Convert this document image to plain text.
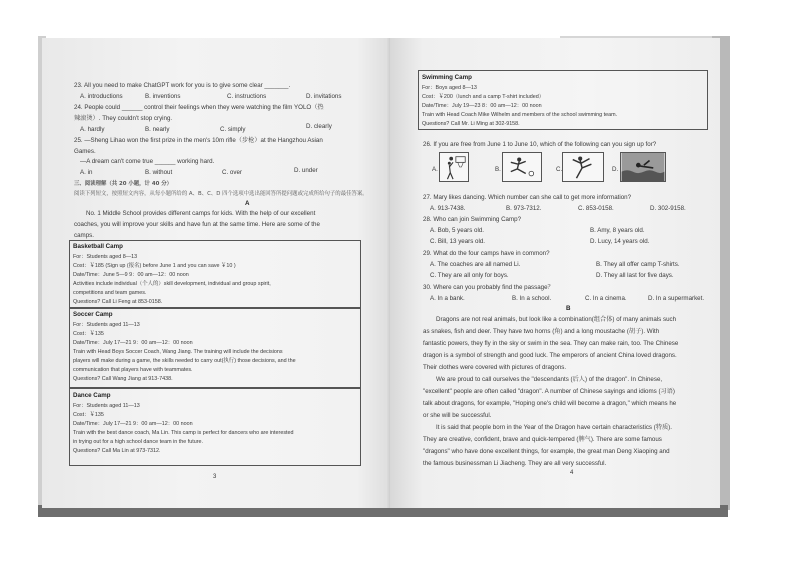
23. All you need to make ChatGPT work for you is to give some clear _______.
A. introductions	B. inventions	C. instructions	D. invitations
24. People could ______ control their feelings when they were watching the film YOLO（热
辣滚烫）. They couldn't stop crying.
A. hardly	B. nearly	C. simply	D. clearly
25. —Sheng Lihao won the first prize in the men's 10m rifle（步枪）at the Hangzhou Asian
Games.
—A dream can't come true ______ working hard.
A. in	B. without	C. over	D. under
三、阅读理解（共 20 小题，计 40 分）
阅读下列短文，按照短文内容，从每小题所给的 A、B、C、D 四个选项中选出能回答所提问题或完成所给句子的最佳答案。
A
No. 1 Middle School provides different camps for kids. With the help of our excellent
coaches, you will improve your skills and have fun at the same time. Here are some of the
camps.
Basketball Camp
For：Students aged 8—13
Cost：￥185 (Sign up (报名) before June 1 and you can save ￥10 )
Date/Time：June 5—9 9：00 am—12：00 noon
Activities include individual（个人的）skill development, individual and group spirit,
competitions and team games.
Questions? Call Li Feng at 853-0158.
Soccer Camp
For：Students aged 11—13
Cost：￥135
Date/Time：July 17—21 9：00 am—12：00 noon
Train with Head Boys Soccer Coach, Wang Jiang. The training will include the decisions
players will make during a game, the skills needed to carry out(执行) those decisions, and the
communication that players have with teammates.
Questions? Call Wang Jiang at 913-7438.
Dance Camp
For：Students aged 11—13
Cost：￥135
Date/Time：July 17—21 9：00 am—12：00 noon
Train with the best dance coach, Ma Lin. This camp is perfect for dancers who are interested
in trying out for a high school dance team in the future.
Questions? Call Ma Lin at 973-7312.
3
Swimming Camp
For：Boys aged 8—13
Cost：￥200（lunch and a camp T-shirt included）
Date/Time：July 19—23 8：00 am—12：00 noon
Train with Head Coach Mike Wilhelm and members of the school swimming team.
Questions? Call Mr. Li Ming at 302-9158.
26. If you are free from June 1 to June 10, which of the following can you sign up for?
A.	B.	C.	D.
27. Mary likes dancing. Which number can she call to get more information?
A. 913-7438.	B. 973-7312.	C. 853-0158.	D. 302-9158.
28. Who can join Swimming Camp?
A. Bob, 5 years old.	B. Amy, 8 years old.
C. Bill, 13 years old.	D. Lucy, 14 years old.
29. What do the four camps have in common?
A. The coaches are all named Li.	B. They all offer camp T-shirts.
C. They are all only for boys.	D. They all last for five days.
30. Where can you probably find the passage？
A. In a bank.	B. In a school.	C. In a cinema.	D. In a supermarket.
B
Dragons are not real animals, but look like a combination(组合体) of many animals such
as snakes, fish and deer. They have two horns (角) and a long moustache (胡子). With
fantastic powers, they fly in the sky or swim in the sea. They can make rain, too. The Chinese
dragon is a symbol of strength and good luck. The emperors of ancient China loved dragons.
Their clothes were covered with pictures of dragons.
We are proud to call ourselves the "descendants (后人) of the dragon". In Chinese,
"excellent" people are often called "dragon". A number of Chinese sayings and idioms (习语)
talk about dragons, for example, "Hoping one's child will become a dragon," which means he
or she will be successful.
It is said that people born in the Year of the Dragon have certain characteristics (特质).
They are creative, confident, brave and quick-tempered (脾气). There are some famous
"dragons" who have done excellent things, for example, the great man Deng Xiaoping and
the famous businessman Li Jiacheng. They are all very successful.
4
